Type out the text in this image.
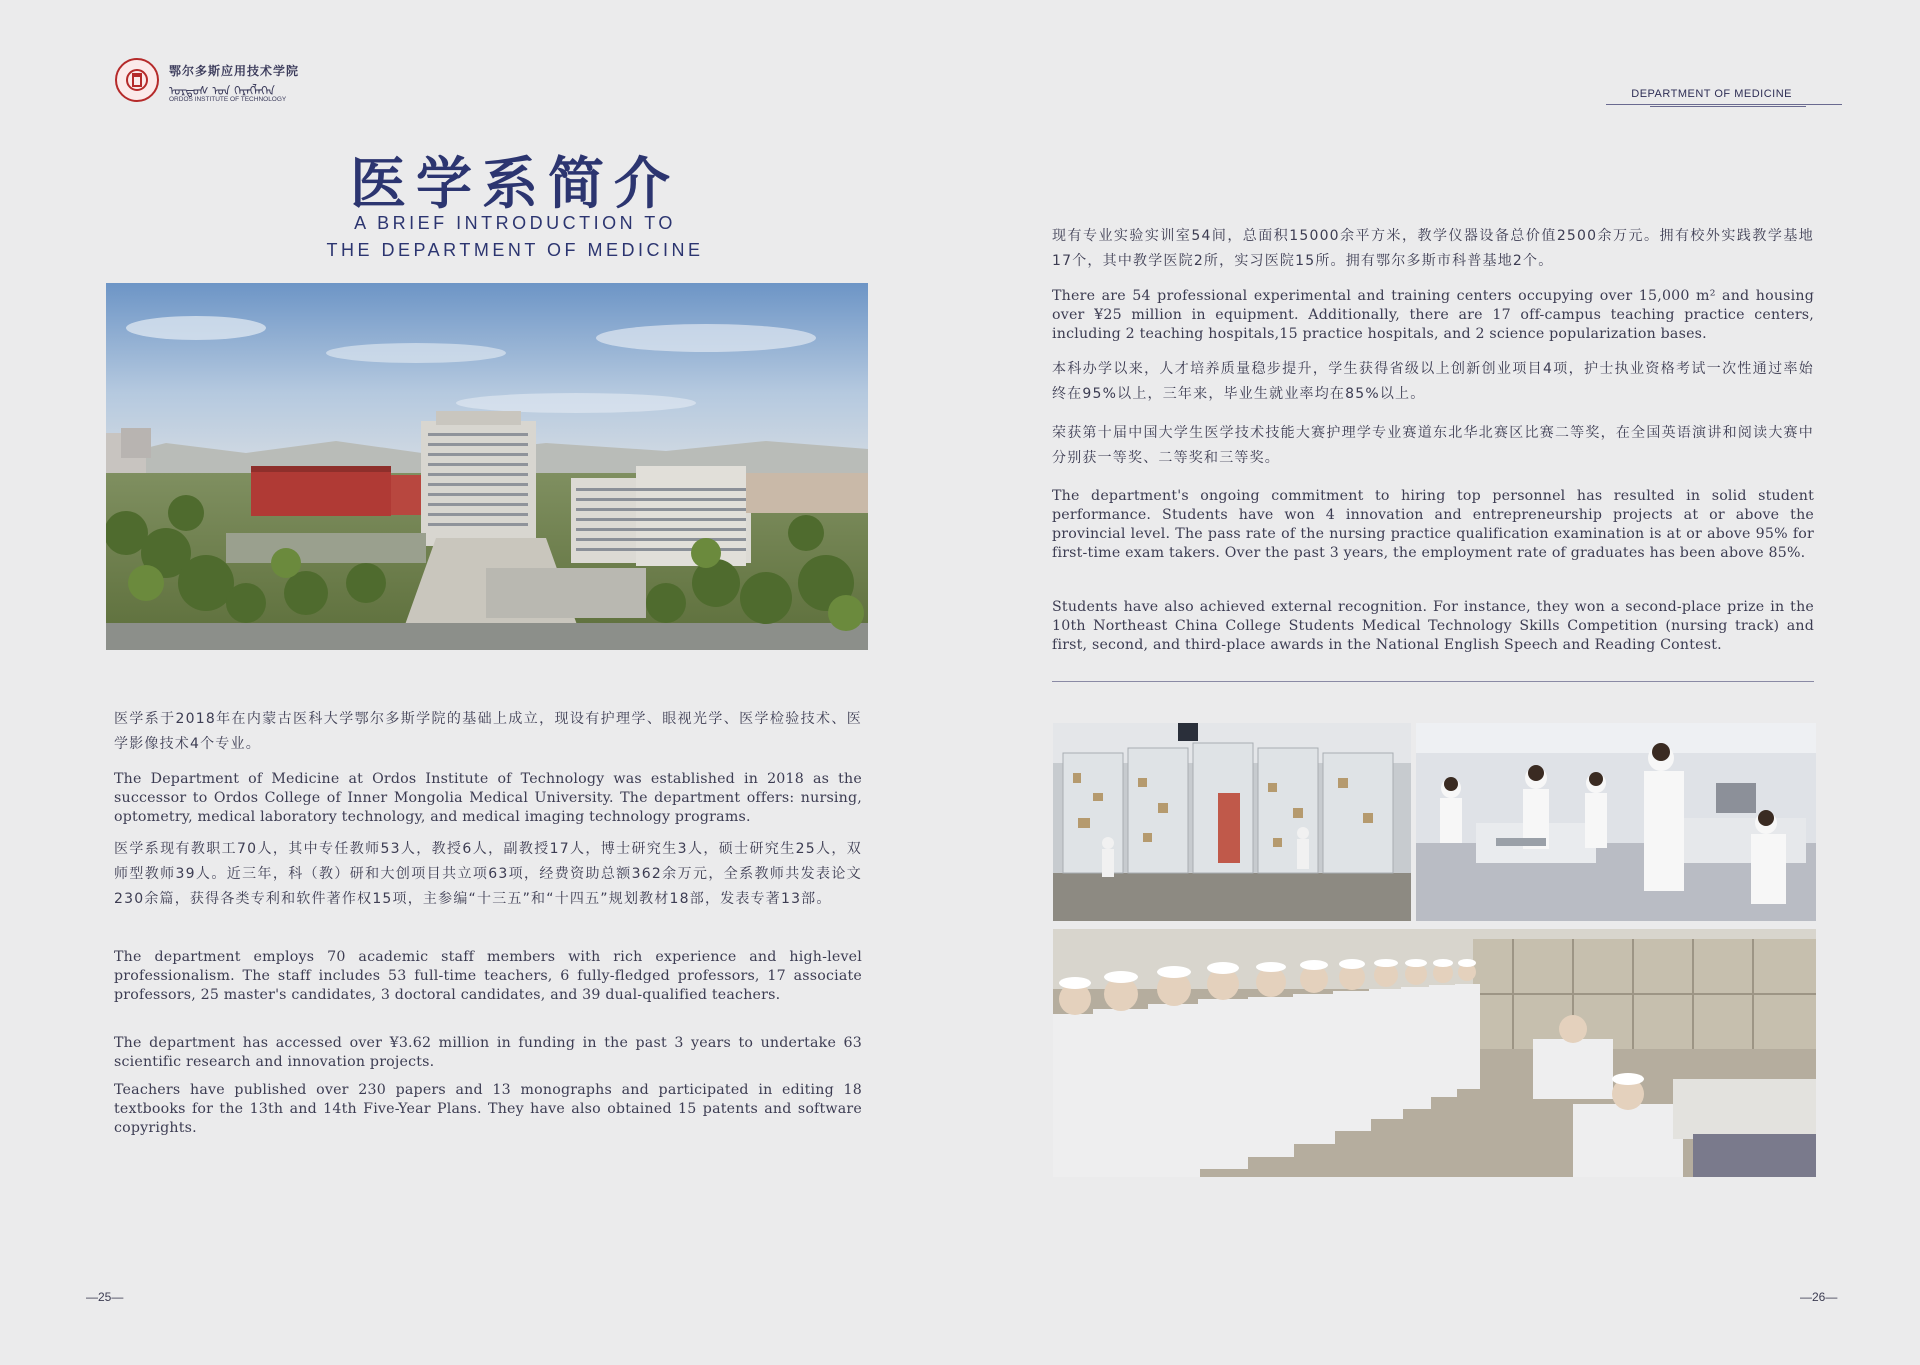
鄂尔多斯应用技术学院
ᠣᠷᠳᠣᠰ ᠤᠨ ᠬᠡᠷᠡᠭᠯᠡᠭᠡᠨ
ORDOS INSTITUTE OF TECHNOLOGY	DEPARTMENT OF MEDICINE
医学系简介
A BRIEF INTRODUCTION TO
THE DEPARTMENT OF MEDICINE
医学系于2018年在内蒙古医科大学鄂尔多斯学院的基础上成立，现设有护理学、眼视光学、医学检验技术、医学影像技术4个专业。
The Department of Medicine at Ordos Institute of Technology was established in 2018 as the successor to Ordos College of Inner Mongolia Medical University. The department offers: nursing, optometry, medical laboratory technology, and medical imaging technology programs.
医学系现有教职工70人，其中专任教师53人，教授6人，副教授17人，博士研究生3人，硕士研究生25人，双师型教师39人。近三年，科（教）研和大创项目共立项63项，经费资助总额362余万元，全系教师共发表论文230余篇，获得各类专利和软件著作权15项，主参编“十三五”和“十四五”规划教材18部，发表专著13部。
The department employs 70 academic staff members with rich experience and high-level professionalism. The staff includes 53 full-time teachers, 6 fully-fledged professors, 17 associate professors, 25 master's candidates, 3 doctoral candidates, and 39 dual-qualified teachers.
The department has accessed over ¥3.62 million in funding in the past 3 years to undertake 63 scientific research and innovation projects.
Teachers have published over 230 papers and 13 monographs and participated in editing 18 textbooks for the 13th and 14th Five-Year Plans. They have also obtained 15 patents and software copyrights.
现有专业实验实训室54间，总面积15000余平方米，教学仪器设备总价值2500余万元。拥有校外实践教学基地17个，其中教学医院2所，实习医院15所。拥有鄂尔多斯市科普基地2个。
There are 54 professional experimental and training centers occupying over 15,000 m² and housing over ¥25 million in equipment. Additionally, there are 17 off-campus teaching practice centers, including 2 teaching hospitals,15 practice hospitals, and 2 science popularization bases.
本科办学以来，人才培养质量稳步提升，学生获得省级以上创新创业项目4项，护士执业资格考试一次性通过率始终在95%以上，三年来，毕业生就业率均在85%以上。
荣获第十届中国大学生医学技术技能大赛护理学专业赛道东北华北赛区比赛二等奖，在全国英语演讲和阅读大赛中分别获一等奖、二等奖和三等奖。
The department's ongoing commitment to hiring top personnel has resulted in solid student performance. Students have won 4 innovation and entrepreneurship projects at or above the provincial level. The pass rate of the nursing practice qualification examination is at or above 95% for first-time exam takers. Over the past 3 years, the employment rate of graduates has been above 85%.
Students have also achieved external recognition. For instance, they won a second-place prize in the 10th Northeast China College Students Medical Technology Skills Competition (nursing track) and first, second, and third-place awards in the National English Speech and Reading Contest.
—25—	—26—
